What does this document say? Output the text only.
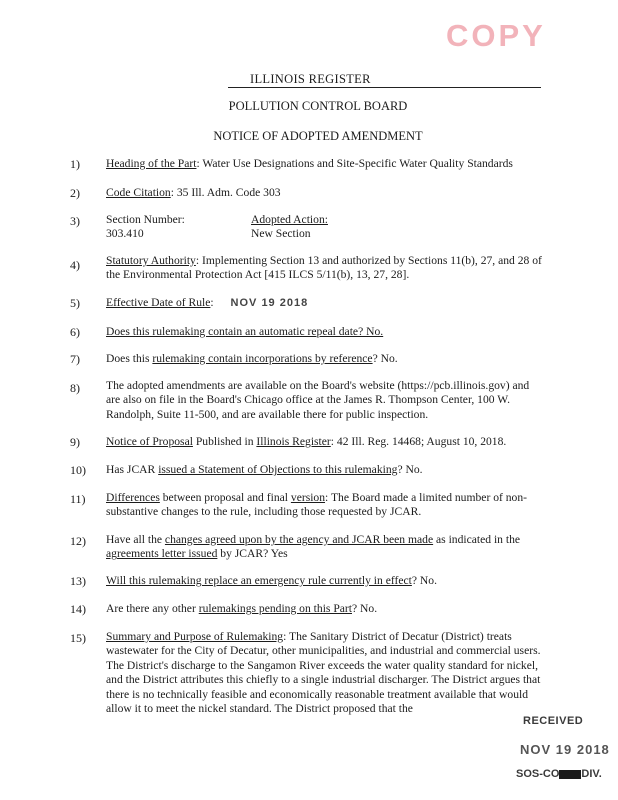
COPY
ILLINOIS REGISTER
POLLUTION CONTROL BOARD
NOTICE OF ADOPTED AMENDMENT
1) Heading of the Part: Water Use Designations and Site-Specific Water Quality Standards
2) Code Citation: 35 Ill. Adm. Code 303
3) Section Number:
303.410
Adopted Action:
New Section
4) Statutory Authority: Implementing Section 13 and authorized by Sections 11(b), 27, and 28 of the Environmental Protection Act [415 ILCS 5/11(b), 13, 27, 28].
5) Effective Date of Rule: NOV 19 2018
6) Does this rulemaking contain an automatic repeal date? No.
7) Does this rulemaking contain incorporations by reference? No.
8) The adopted amendments are available on the Board's website (https://pcb.illinois.gov) and are also on file in the Board's Chicago office at the James R. Thompson Center, 100 W. Randolph, Suite 11-500, and are available there for public inspection.
9) Notice of Proposal Published in Illinois Register: 42 Ill. Reg. 14468; August 10, 2018.
10) Has JCAR issued a Statement of Objections to this rulemaking? No.
11) Differences between proposal and final version: The Board made a limited number of non-substantive changes to the rule, including those requested by JCAR.
12) Have all the changes agreed upon by the agency and JCAR been made as indicated in the agreements letter issued by JCAR? Yes
13) Will this rulemaking replace an emergency rule currently in effect? No.
14) Are there any other rulemakings pending on this Part? No.
15) Summary and Purpose of Rulemaking: The Sanitary District of Decatur (District) treats wastewater for the City of Decatur, other municipalities, and industrial and commercial users. The District's discharge to the Sangamon River exceeds the water quality standard for nickel, and the District attributes this chiefly to a single industrial discharger. The District argues that there is no technically feasible and economically reasonable treatment available that would allow it to meet the nickel standard. The District proposed that the
RECEIVED
NOV 19 2018
SOS-CO DIV.
